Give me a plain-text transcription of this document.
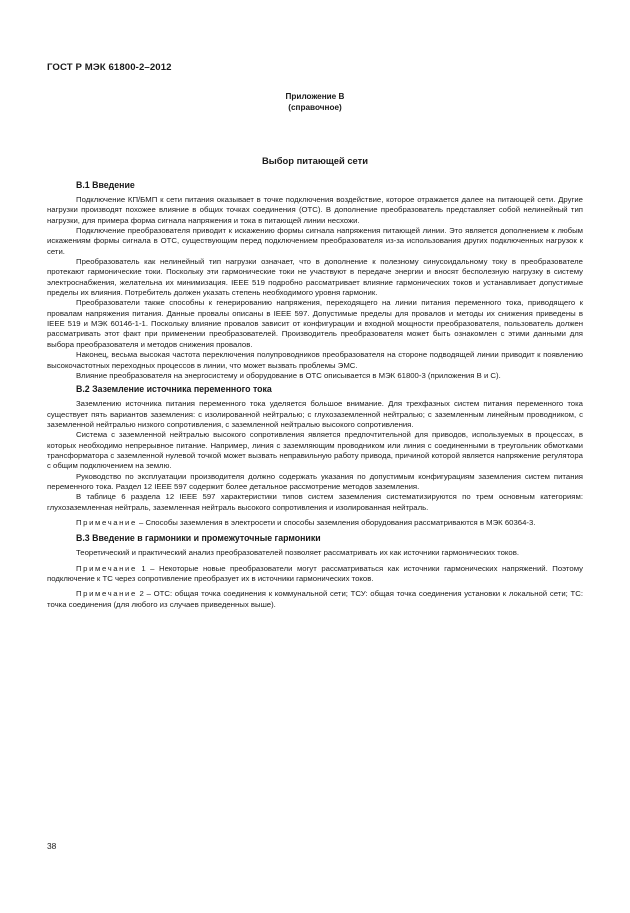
ГОСТ Р МЭК 61800-2–2012
Приложение В
(справочное)
Выбор питающей сети
В.1 Введение

Подключение КП/БМП к сети питания оказывает в точке подключения воздействие, которое отражается далее на питающей сети. Другие нагрузки производят похожее влияние в общих точках соединения (ОТС). В дополнение преобразователь представляет собой нелинейный тип нагрузки, для примера форма сигнала напряжения и тока в питающей линии несхожи.

Подключение преобразователя приводит к искажению формы сигнала напряжения питающей линии. Это является дополнением к любым искажениям формы сигнала в ОТС, существующим перед подключением преобразователя из-за использования других подключенных нагрузок к сети.

Преобразователь как нелинейный тип нагрузки означает, что в дополнение к полезному синусоидальному току в преобразователе протекают гармонические токи. Поскольку эти гармонические токи не участвуют в передаче энергии и вносят бесполезную нагрузку в систему электроснабжения, желательна их минимизация. IEEE 519 подробно рассматривает влияние гармонических токов и устанавливает допустимые пределы их влияния. Потребитель должен указать степень необходимого уровня гармоник.

Преобразователи также способны к генерированию напряжения, переходящего на линии питания переменного тока, приводящего к провалам напряжения питания. Данные провалы описаны в IEEE 597. Допустимые пределы для провалов и методы их снижения приведены в IEEE 519 и МЭК 60146-1-1. Поскольку влияние провалов зависит от конфигурации и входной мощности преобразователя, пользователь должен рассматривать этот факт при применении преобразователей. Производитель преобразователя может быть ознакомлен с этими данными для выбора преобразователя и методов снижения провалов.

Наконец, весьма высокая частота переключения полупроводников преобразователя на стороне подводящей линии приводит к появлению высокочастотных переходных процессов в линии, что может вызвать проблемы ЭМС.

Влияние преобразователя на энергосистему и оборудование в ОТС описывается в МЭК 61800-3 (приложения В и С).

В.2 Заземление источника переменного тока

Заземлению источника питания переменного тока уделяется большое внимание. Для трехфазных систем питания переменного тока существует пять вариантов заземления: с изолированной нейтралью; с глухозаземленной нейтралью; с заземленным линейным проводником, с заземленной нейтралью низкого сопротивления, с заземленной нейтралью высокого сопротивления.

Система с заземленной нейтралью высокого сопротивления является предпочтительной для приводов, используемых в процессах, в которых необходимо непрерывное питание. Например, линия с заземляющим проводником или линия с соединенными в треугольник обмотками трансформатора с заземленной нулевой точкой может вызвать неправильную работу привода, причиной которой является напряжение регулятора с общим подключением на землю.

Руководство по эксплуатации производителя должно содержать указания по допустимым конфигурациям заземления систем питания переменного тока. Раздел 12 IEEE 597 содержит более детальное рассмотрение методов заземления.

В таблице 6 раздела 12 IEEE 597 характеристики типов систем заземления систематизируются по трем основным категориям: глухозаземленная нейтраль, заземленная нейтраль высокого сопротивления и изолированная нейтраль.

Примечание – Способы заземления в электросети и способы заземления оборудования рассматриваются в МЭК 60364-3.

В.3 Введение в гармоники и промежуточные гармоники

Теоретический и практический анализ преобразователей позволяет рассматривать их как источники гармонических токов.

Примечание 1 – Некоторые новые преобразователи могут рассматриваться как источники гармонических напряжений. Поэтому подключение к ТС через сопротивление преобразует их в источники гармонических токов.

Примечание 2 – ОТС: общая точка соединения к коммунальной сети; ТСУ: общая точка соединения установки к локальной сети; ТС: точка соединения (для любого из случаев приведенных выше).

38
